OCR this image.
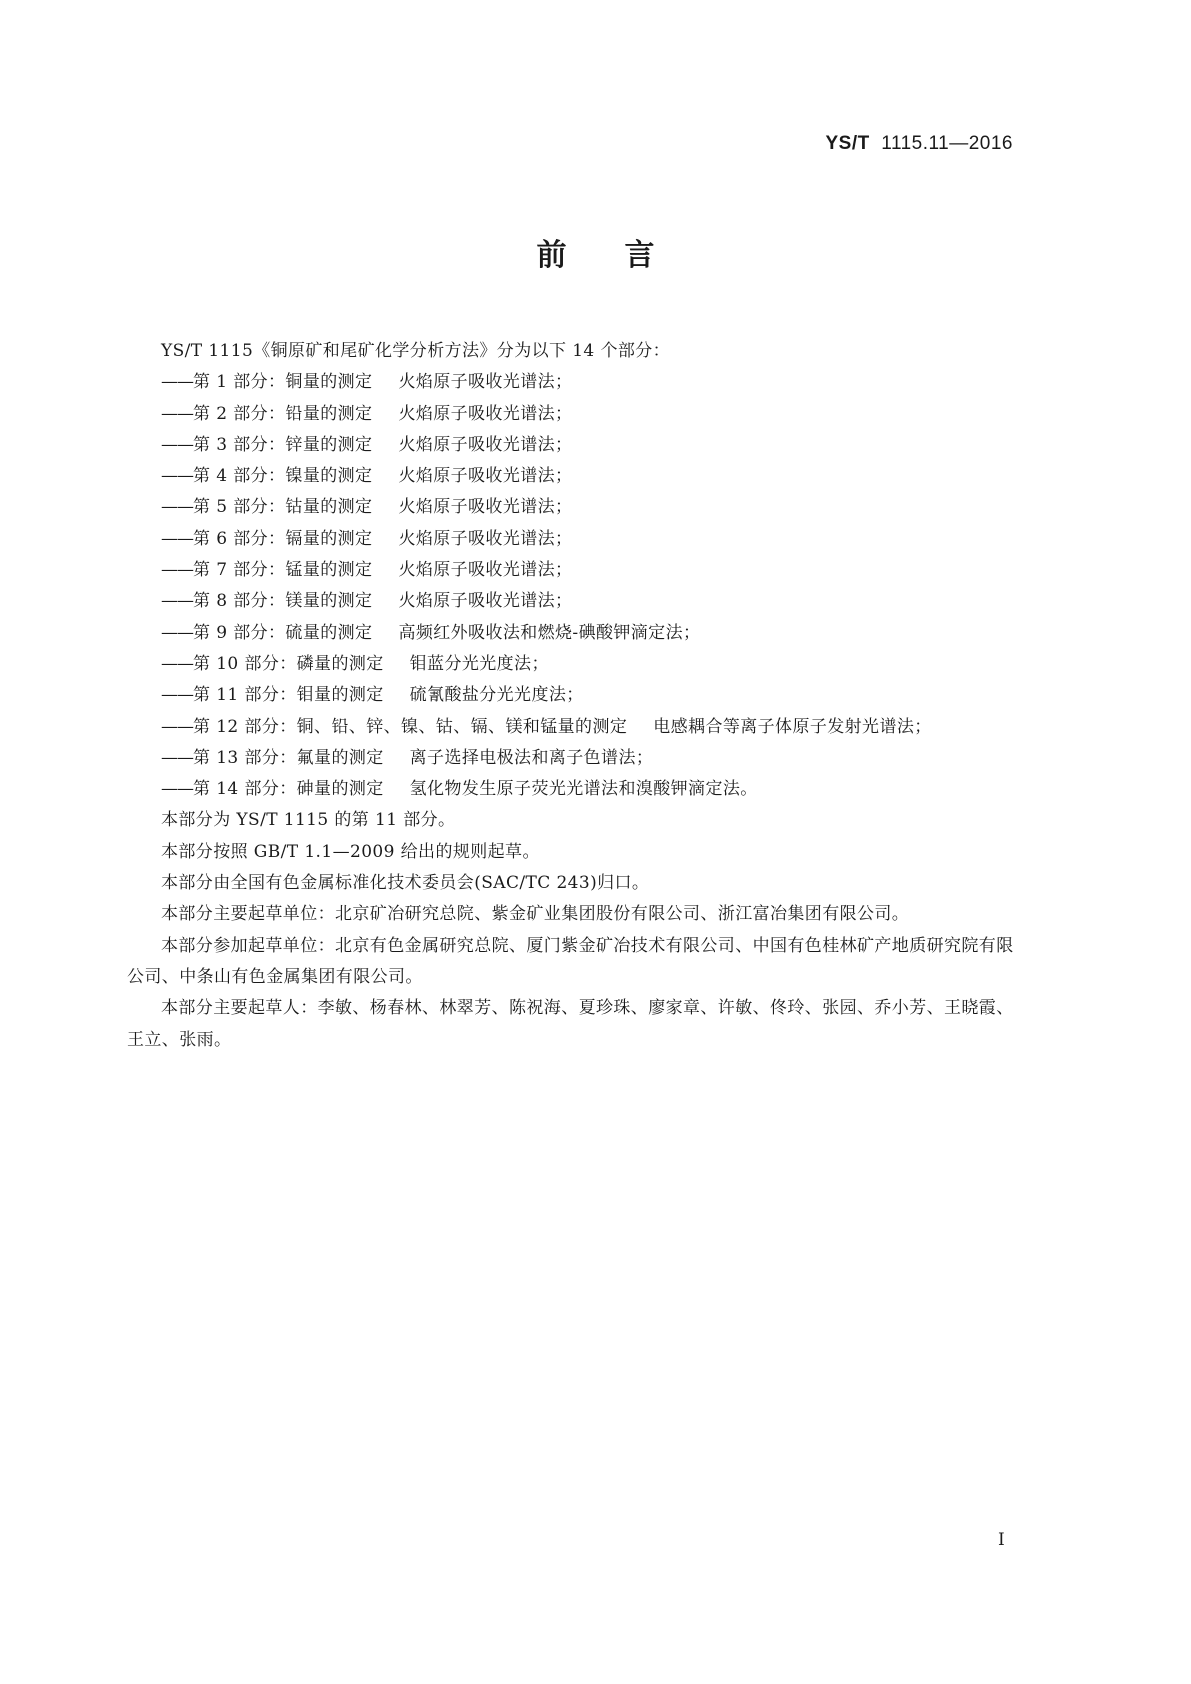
YS/T 1115.11—2016
前言

YS/T 1115《铜原矿和尾矿化学分析方法》分为以下 14 个部分：

——第 1 部分：铜量的测定 火焰原子吸收光谱法；

——第 2 部分：铅量的测定 火焰原子吸收光谱法；

——第 3 部分：锌量的测定 火焰原子吸收光谱法；

——第 4 部分：镍量的测定 火焰原子吸收光谱法；

——第 5 部分：钴量的测定 火焰原子吸收光谱法；

——第 6 部分：镉量的测定 火焰原子吸收光谱法；

——第 7 部分：锰量的测定 火焰原子吸收光谱法；

——第 8 部分：镁量的测定 火焰原子吸收光谱法；

——第 9 部分：硫量的测定 高频红外吸收法和燃烧-碘酸钾滴定法；

——第 10 部分：磷量的测定 钼蓝分光光度法；

——第 11 部分：钼量的测定 硫氰酸盐分光光度法；

——第 12 部分：铜、铅、锌、镍、钴、镉、镁和锰量的测定 电感耦合等离子体原子发射光谱法；

——第 13 部分：氟量的测定 离子选择电极法和离子色谱法；

——第 14 部分：砷量的测定 氢化物发生原子荧光光谱法和溴酸钾滴定法。

本部分为 YS/T 1115 的第 11 部分。

本部分按照 GB/T 1.1—2009 给出的规则起草。

本部分由全国有色金属标准化技术委员会(SAC/TC 243)归口。

本部分主要起草单位：北京矿冶研究总院、紫金矿业集团股份有限公司、浙江富冶集团有限公司。

本部分参加起草单位：北京有色金属研究总院、厦门紫金矿冶技术有限公司、中国有色桂林矿产地质研究院有限公司、中条山有色金属集团有限公司。

本部分主要起草人：李敏、杨春林、林翠芳、陈祝海、夏珍珠、廖家章、许敏、佟玲、张园、乔小芳、王晓霞、王立、张雨。

I
